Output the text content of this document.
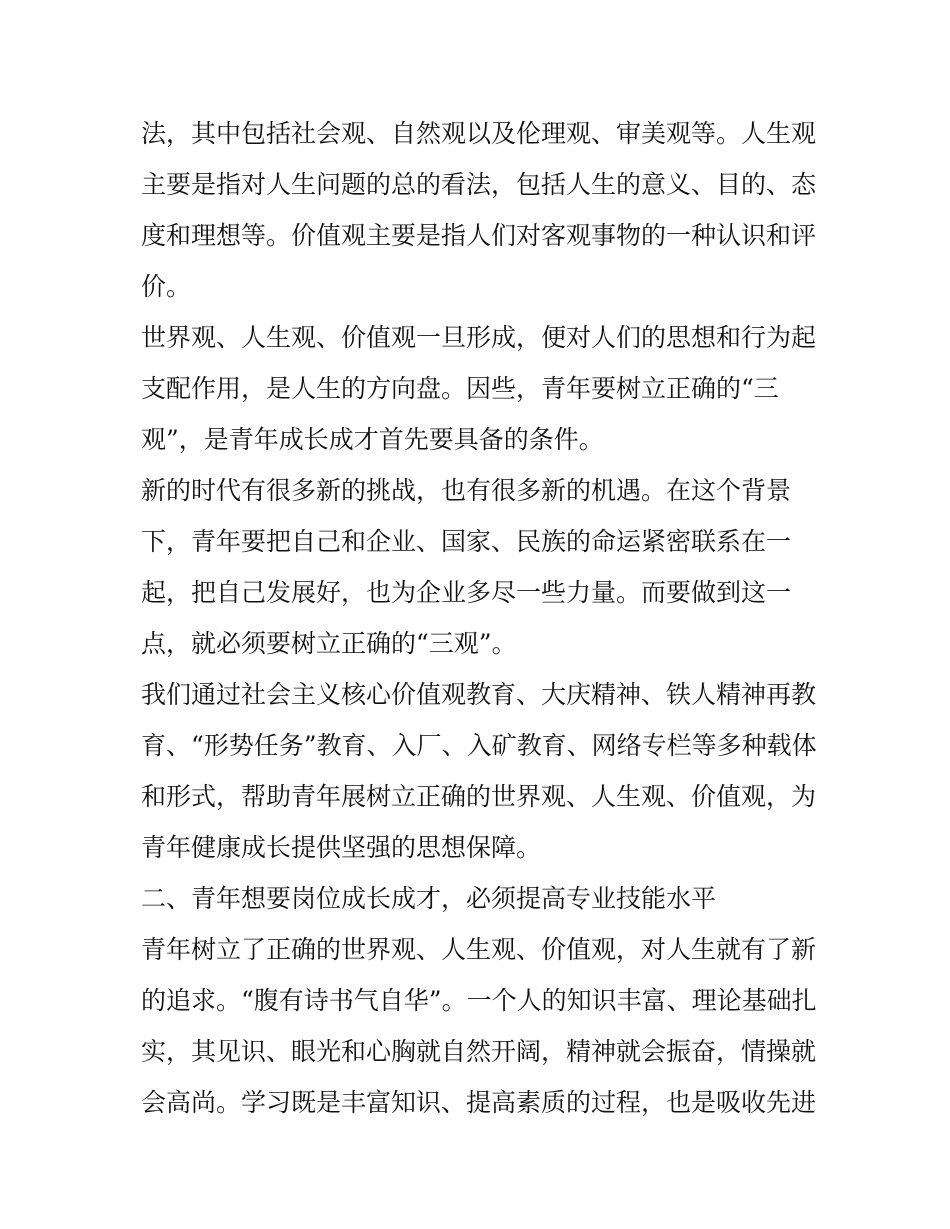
法，其中包括社会观、自然观以及伦理观、审美观等。人生观
主要是指对人生问题的总的看法，包括人生的意义、目的、态
度和理想等。价值观主要是指人们对客观事物的一种认识和评
价。
世界观、人生观、价值观一旦形成，便对人们的思想和行为起
支配作用，是人生的方向盘。因些，青年要树立正确的“三
观”，是青年成长成才首先要具备的条件。
新的时代有很多新的挑战，也有很多新的机遇。在这个背景
下，青年要把自己和企业、国家、民族的命运紧密联系在一
起，把自己发展好，也为企业多尽一些力量。而要做到这一
点，就必须要树立正确的“三观”。
我们通过社会主义核心价值观教育、大庆精神、铁人精神再教
育、“形势任务”教育、入厂、入矿教育、网络专栏等多种载体
和形式，帮助青年展树立正确的世界观、人生观、价值观，为
青年健康成长提供坚强的思想保障。
二、青年想要岗位成长成才，必须提高专业技能水平
青年树立了正确的世界观、人生观、价值观，对人生就有了新
的追求。“腹有诗书气自华”。一个人的知识丰富、理论基础扎
实，其见识、眼光和心胸就自然开阔，精神就会振奋，情操就
会高尚。学习既是丰富知识、提高素质的过程，也是吸收先进
